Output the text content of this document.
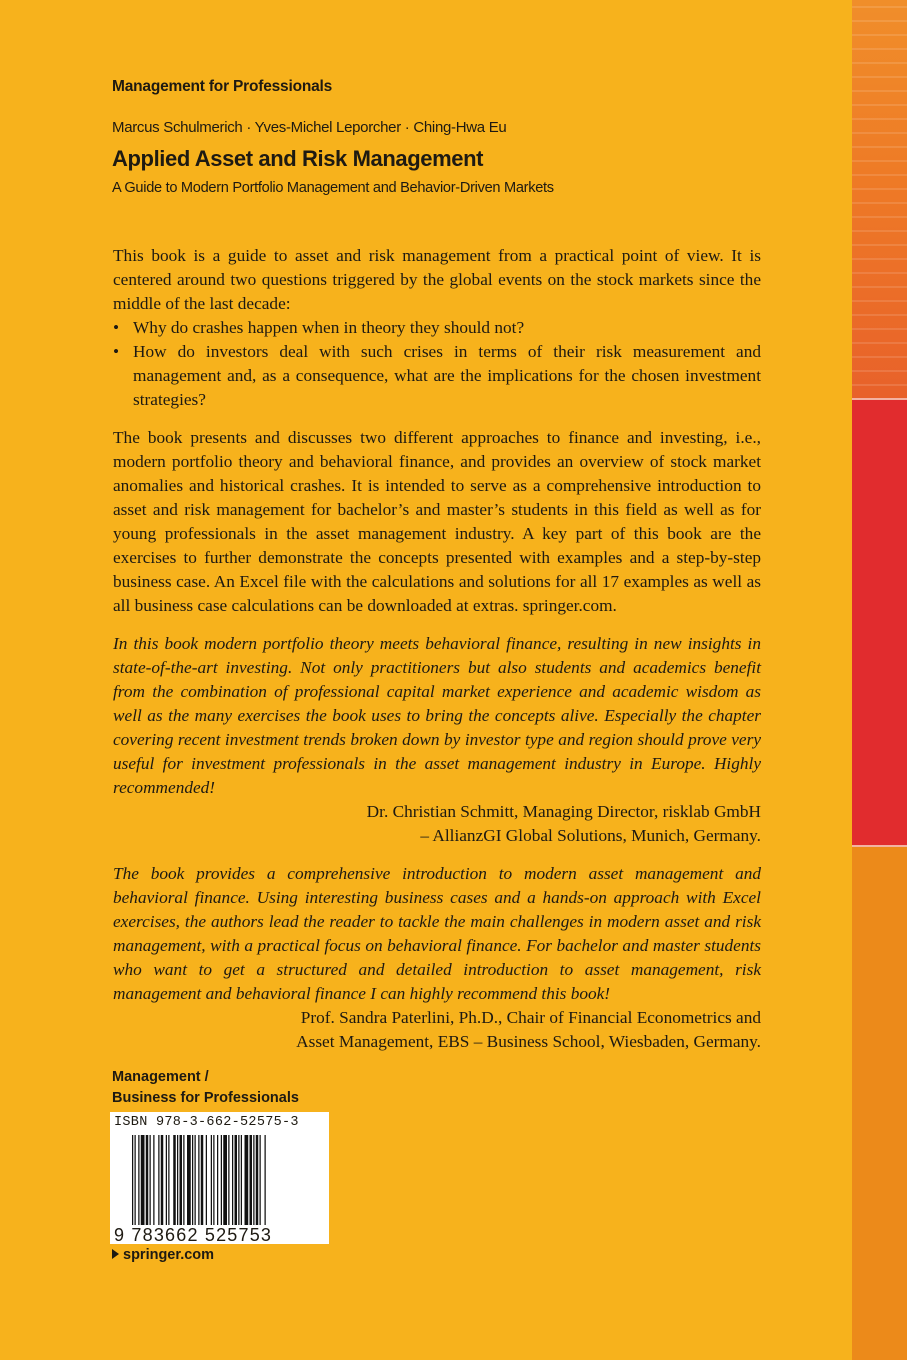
Management for Professionals
Marcus Schulmerich · Yves-Michel Leporcher · Ching-Hwa Eu
Applied Asset and Risk Management
A Guide to Modern Portfolio Management and Behavior-Driven Markets

This book is a guide to asset and risk management from a practical point of view. It is centered around two questions triggered by the global events on the stock markets since the middle of the last decade:

• Why do crashes happen when in theory they should not?
• How do investors deal with such crises in terms of their risk measurement and management and, as a consequence, what are the implications for the chosen investment strategies?

The book presents and discusses two different approaches to finance and investing, i.e., modern portfolio theory and behavioral finance, and provides an overview of stock market anomalies and historical crashes. It is intended to serve as a comprehensive introduction to asset and risk management for bachelor’s and master’s students in this field as well as for young professionals in the asset management industry. A key part of this book are the exercises to further demonstrate the concepts presented with examples and a step-by-step business case. An Excel file with the calculations and solutions for all 17 examples as well as all business case calculations can be downloaded at extras. springer.com.

In this book modern portfolio theory meets behavioral finance, resulting in new insights in state-of-the-art investing. Not only practitioners but also students and academics benefit from the combination of professional capital market experience and academic wisdom as well as the many exercises the book uses to bring the concepts alive. Especially the chapter covering recent investment trends broken down by investor type and region should prove very useful for investment professionals in the asset management industry in Europe. Highly recommended!

Dr. Christian Schmitt, Managing Director, risklab GmbH

– AllianzGI Global Solutions, Munich, Germany.

The book provides a comprehensive introduction to modern asset management and behavioral finance. Using interesting business cases and a hands-on approach with Excel exercises, the authors lead the reader to tackle the main challenges in modern asset and risk management, with a practical focus on behavioral finance. For bachelor and master students who want to get a structured and detailed introduction to asset management, risk management and behavioral finance I can highly recommend this book!

Prof. Sandra Paterlini, Ph.D., Chair of Financial Econometrics and

Asset Management, EBS – Business School, Wiesbaden, Germany.

Management /
Business for Professionals
ISBN 978-3-662-52575-3
9 783662 525753
springer.com
